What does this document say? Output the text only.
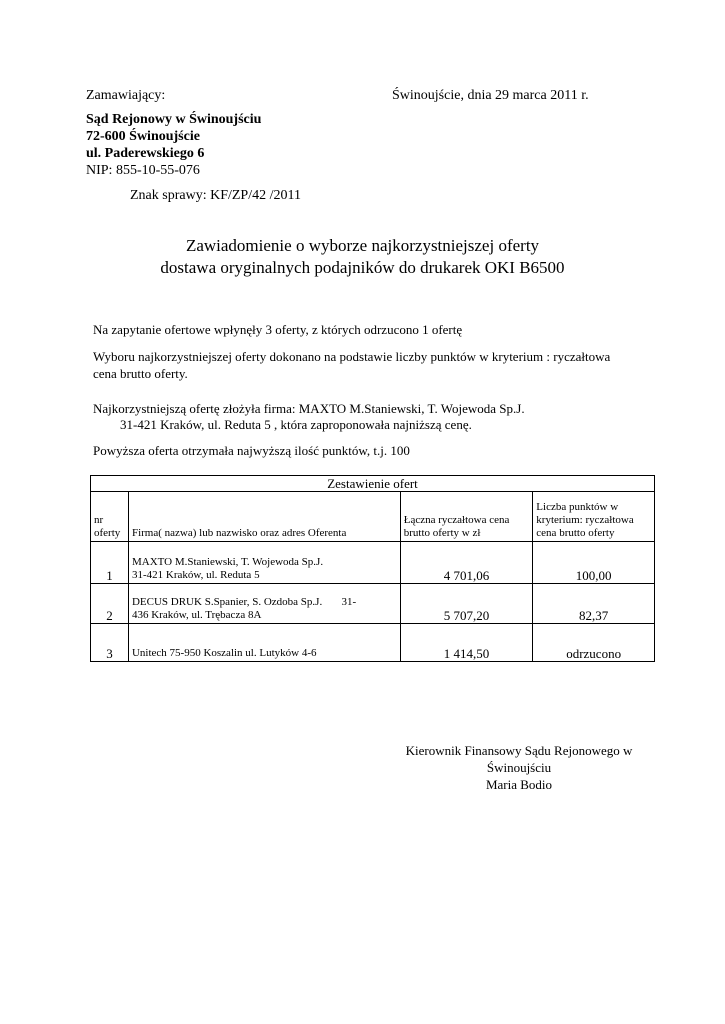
Zamawiający:	Świnoujście, dnia 29 marca 2011 r.
Sąd Rejonowy w Świnoujściu
72-600 Świnoujście
ul. Paderewskiego 6
NIP: 855-10-55-076
Znak sprawy: KF/ZP/42 /2011
Zawiadomienie o wyborze najkorzystniejszej oferty
dostawa oryginalnych podajników do drukarek OKI B6500
Na zapytanie ofertowe wpłynęły 3 oferty, z których odrzucono 1 ofertę
Wyboru najkorzystniejszej oferty dokonano na podstawie liczby punktów w kryterium : ryczałtowa
cena brutto oferty.
Najkorzystniejszą ofertę złożyła firma: MAXTO M.Staniewski, T. Wojewoda Sp.J.
31-421 Kraków, ul. Reduta 5 , która zaproponowała najniższą cenę.
Powyższa oferta otrzymała najwyższą ilość punktów, t.j. 100
Zestawienie ofert			
nr oferty	Firma( nazwa) lub nazwisko oraz adres Oferenta	Łączna ryczałtowa cena brutto oferty w zł	Liczba punktów w kryterium: ryczałtowa cena brutto oferty
1	MAXTO M.Staniewski, T. Wojewoda Sp.J.
31-421 Kraków, ul. Reduta 5	4 701,06	100,00
2	DECUS DRUK S.Spanier, S. Ozdoba Sp.J.       31-
436 Kraków, ul. Trębacza 8A	5 707,20	82,37
3	Unitech 75-950 Koszalin ul. Lutyków 4-6	1 414,50	odrzucono
Kierownik Finansowy Sądu Rejonowego w
Świnoujściu
Maria Bodio
